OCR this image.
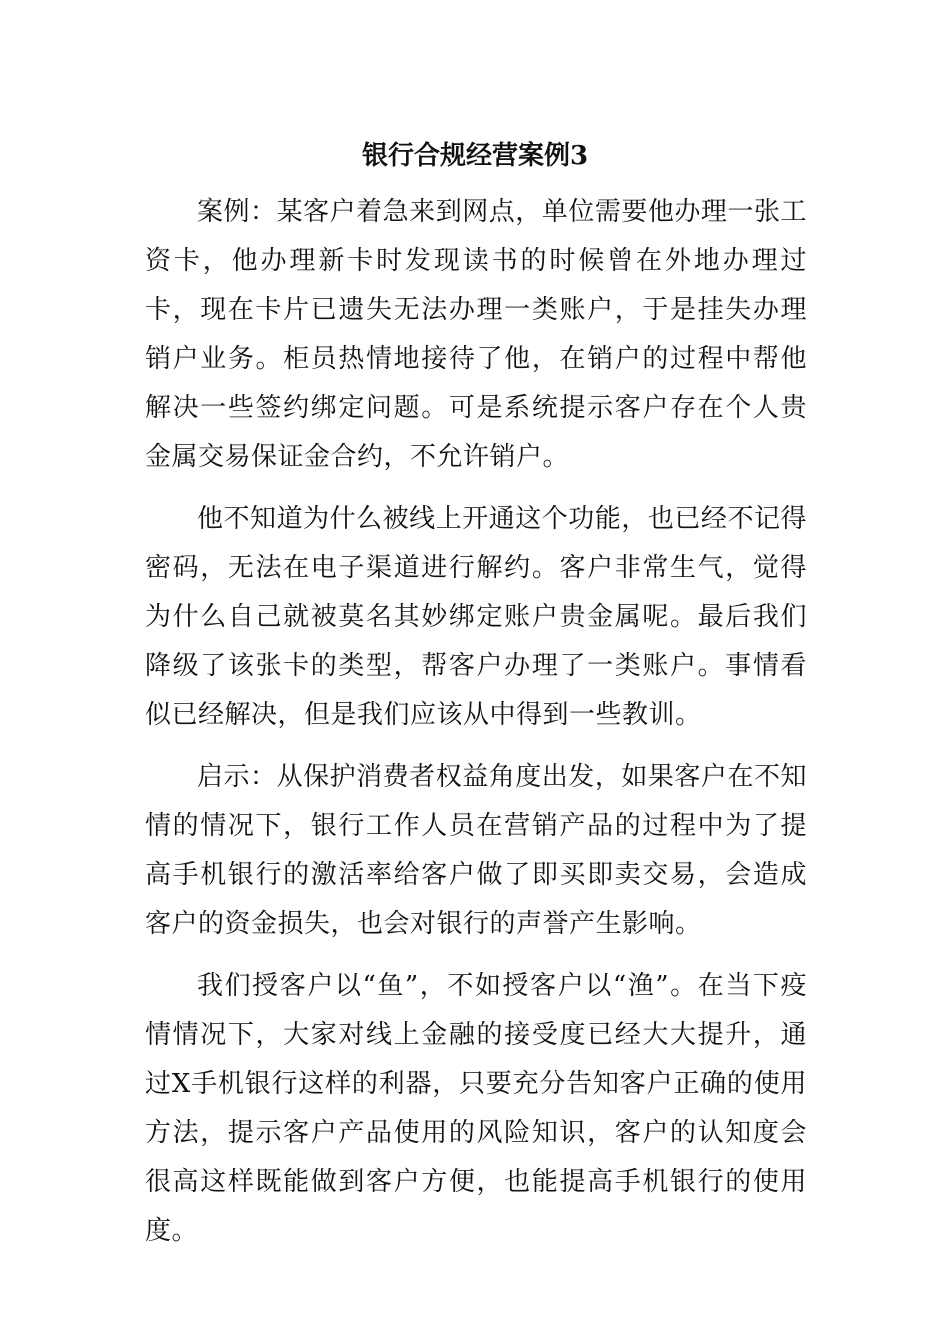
银行合规经营案例3

案例：某客户着急来到网点，单位需要他办理一张工资卡，他办理新卡时发现读书的时候曾在外地办理过卡，现在卡片已遗失无法办理一类账户，于是挂失办理销户业务。柜员热情地接待了他，在销户的过程中帮他解决一些签约绑定问题。可是系统提示客户存在个人贵金属交易保证金合约，不允许销户。

他不知道为什么被线上开通这个功能，也已经不记得密码，无法在电子渠道进行解约。客户非常生气，觉得为什么自己就被莫名其妙绑定账户贵金属呢。最后我们降级了该张卡的类型，帮客户办理了一类账户。事情看似已经解决，但是我们应该从中得到一些教训。

启示：从保护消费者权益角度出发，如果客户在不知情的情况下，银行工作人员在营销产品的过程中为了提高手机银行的激活率给客户做了即买即卖交易，会造成客户的资金损失，也会对银行的声誉产生影响。

我们授客户以“鱼”，不如授客户以“渔”。在当下疫情情况下，大家对线上金融的接受度已经大大提升，通过X手机银行这样的利器，只要充分告知客户正确的使用方法，提示客户产品使用的风险知识，客户的认知度会很高这样既能做到客户方便，也能提高手机银行的使用度。
